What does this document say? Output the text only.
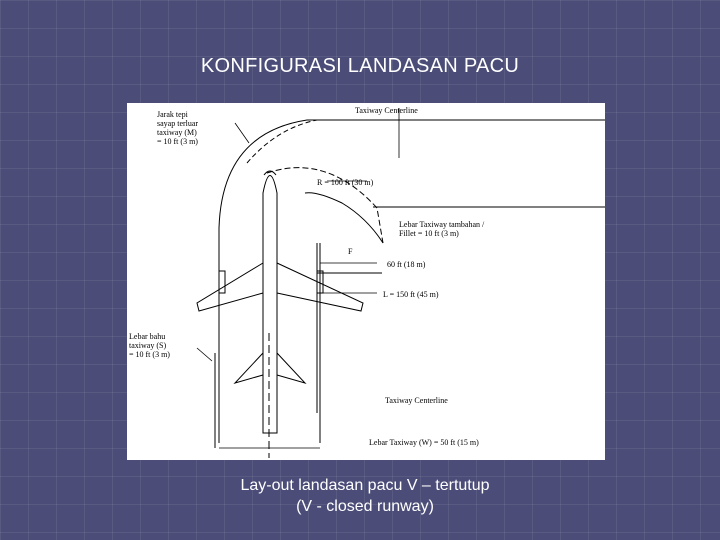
KONFIGURASI LANDASAN PACU
Jarak tepi
sayap terluar
taxiway (M)
= 10 ft (3 m)
Taxiway Centerline
R = 100 ft (30 m)
F
Lebar Taxiway tambahan /
Fillet = 10 ft (3 m)
60 ft (18 m)
L = 150 ft (45 m)
Lebar bahu
taxiway (S)
= 10 ft (3 m)
Taxiway Centerline
Lebar Taxiway (W) = 50 ft (15 m)
Lay-out landasan pacu V – tertutup
(V - closed runway)
